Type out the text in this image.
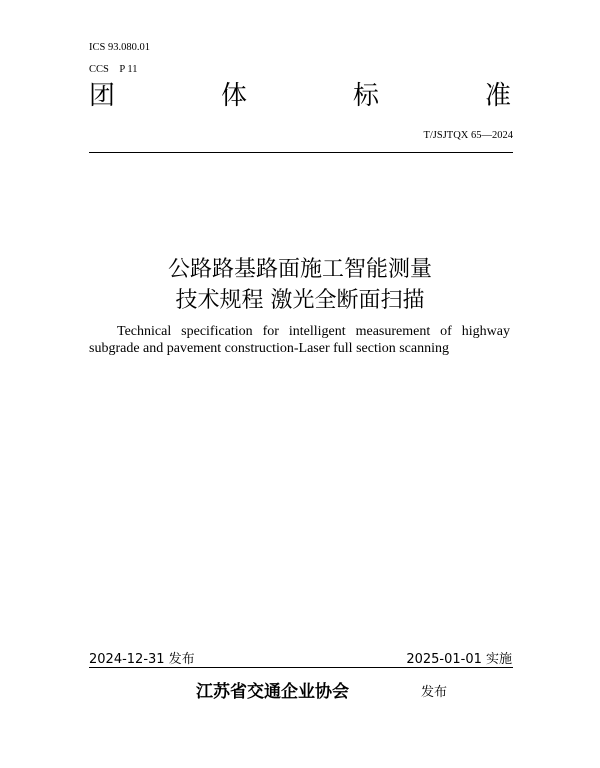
ICS 93.080.01
CCS　P 11
团	体	标	准
T/JSJTQX 65—2024
公路路基路面施工智能测量
技术规程 激光全断面扫描
Technical specification for intelligent measurement of highway subgrade and pavement construction-Laser full section scanning
2024-12-31 发布	2025-01-01 实施
江苏省交通企业协会	发布
